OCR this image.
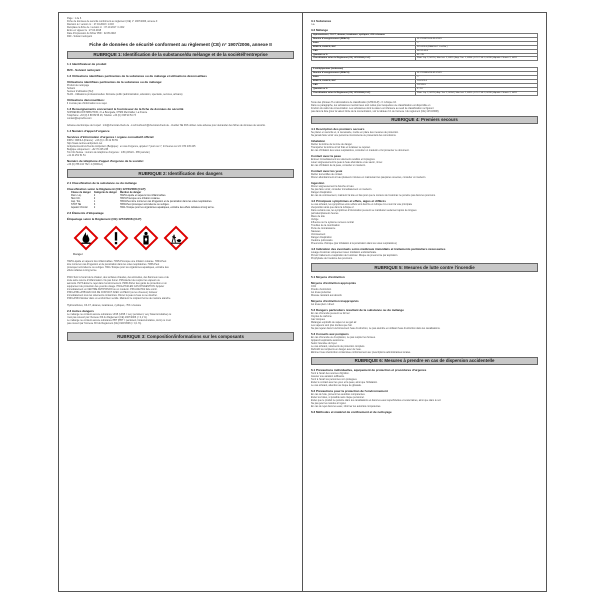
Page : 1 de 6
Fiche de données de sécurité conforment au règlement (CE) n° 1907/2006, annexe II
Révision le / version nr. : 27.04.2018 / 1.003
Remplace la fiche de / version nr. : 07.10.2017 / 1.002
Entre en vigueur le : 27.04.2018
Date d'impression du fichier PDF : 02.05.2018
R20 - Solvant nettoyant
Fiche de données de sécurité conforment au règlement (CE) n° 1907/2006, annexe II
RUBRIQUE 1: Identification de la substance/du mélange et de la société/l'entreprise
1.1 Identificateur de produit
R20 - Solvant nettoyant
1.2 Utilisations identifiées pertinentes de la substance ou du mélange et utilisations déconseillées
Utilisations identifiées pertinentes de la substance ou du mélange:
Produit de nettoyage
Solvant
Secteur d'utilisation [SU]:
SU22 - Utilisations professionnelles: Domaine public (administration, éducation, spectacle, services, artisans)
Utilisations déconseillées:
Il n'existe pas d'information à ce sujet.
1.3 Renseignements concernant le fournisseur de la fiche de données de sécurité
SOPREFIRA DISTRIBUTION, 2 La Bourgade, 67580 Mertzwiller, La France
Téléphone: +33 (0) 3 88 89 56 26, Téléfax: +33 (0) 3 88 90 54 73
contact@soprefira.com
Adresse électronique de l'expert : info@chemical-check.de - k.schnurbusch@chemical-check.de - Veuillez NE PAS utiliser cette adresse pour demander des fiches de données de sécurité.
1.4 Numéro d'appel d'urgence
Services d'information d'urgence / organe consultatif officiel:
INRS / ORFILA (France) : +33 (0) 1 45 42 59 59
http://www.centres-antipoison.net
Antipoisoncentrum/Centre Antipoison (Belgique) : en cas d'urgence, appelez 7 jours sur 7, 24 heures sur 24: 070 245 245
Belgique uniquement : +32 70 245 245
Tox Info Suisse : numéro de téléphone d'urgence : 145 (24h/24 - 365 jours/an)
+41 44 251 51 51
Numéro de téléphone d'appel d'urgence de la société:
+33 (0) 788 134 762 / 4 (ORFILA)
RUBRIQUE 2: Identification des dangers
2.1 Classification de la substance ou du mélange
Classification selon le Règlement (CE) 1272/2008 (CLP)
Classe de danger	Catégorie de danger	Mention de danger
Flam. Liq.	2	H225-Liquide et vapeurs très inflammables.
Skin Irrit.	2	H315-Provoque une irritation cutanée.
Asp. Tox.	1	H304-Peut être mortel en cas d'ingestion et de pénétration dans les voies respiratoires.
STOT SE	3	H336-Peut provoquer somnolence ou vertiges.
Aquatic Chronic	2	H411-Toxique pour les organismes aquatiques, entraîne des effets néfastes à long terme.
2.2 Éléments d'étiquetage
Étiquetage selon le Règlement (CE) 1272/2008 (CLP)
Danger
H225-Liquide et vapeurs très inflammables. H315-Provoque une irritation cutanée. H304-Peut
être mortel en cas d'ingestion et de pénétration dans les voies respiratoires. H336-Peut
provoquer somnolence ou vertiges. H411-Toxique pour les organismes aquatiques, entraîne des
effets néfastes à long terme.
P210-Tenir à l'écart de la chaleur, des surfaces chaudes, des étincelles, des flammes nues et de
toute autre source d'inflammation. Ne pas fumer. P261-Éviter de respirer les vapeurs ou
aérosols. P273-Éviter le rejet dans l'environnement. P280-Porter des gants de protection et un
équipement de protection des yeux/du visage. P301+P310-EN CAS D'INGESTION: Appeler
immédiatement un CENTRE ANTIPOISON ou un médecin. P331-NE PAS faire vomir.
P303+P361+P353-EN CAS DE CONTACT AVEC LA PEAU (ou les cheveux): Enlever
immédiatement tous les vêtements contaminés. Rincer la peau à l'eau ou se doucher.
P403+P233-Stocker dans un endroit bien ventilé. Maintenir le récipient fermé de manière étanche.
Hydrocarbures, C6-C7, alcanes, isoalcanes, cycliques, <5% n-hexane
2.3 Autres dangers
Le mélange ne contient aucune substance vPvB (vPvB = very persistent, very bioaccumulative) ou
n'est pas couvert par l'Annexe XIII du Règlement (CE) 1907/2006 (< 0,1 %).
Le mélange ne contient aucune substance PBT (PBT = persistent, bioaccumulative, toxic) ou n'est
pas couvert par l'Annexe XIII du Règlement (CE) 1907/2006 (< 0,1 %).
RUBRIQUE 3: Composition/informations sur les composants
3.1 Substance
n.a.
3.2 Mélange
Hydrocarbures, C6-C7, alcanes, isoalcanes, cycliques, <5% n-hexane	
Numéro d'enregistrement (REACH)	01-2119475514-35-XXXX
Index	---
EINECS, ELINCS, NLP	921-024-6 (REACH-IT List-No.)
CAS	64742-49-0
Quantité en %	85 - 95
Classification selon le Règlement (CE) 1272/2008 (CLP)	Flam. Liq. 2, H225 | Skin Irrit. 2, H315 | Asp. Tox. 1, H304 | STOT SE 3, H336 | Aquatic Chronic 2, H411
2-méthylpentane (isohexane)	
Numéro d'enregistrement (REACH)	01-2119480410-42-XXXX
Index	---
EINECS, ELINCS, NLP	203-523-4
CAS	107-83-5
Quantité en %	5 - 10
Classification selon le Règlement (CE) 1272/2008 (CLP)	Flam. Liq. 2, H225 | Asp. Tox. 1, H304 | Skin Irrit. 2, H315 | STOT SE 3, H336 | Aquatic Chronic 2, H411
Texte des phrases H et abréviations de classification (GHS/CLP): cf. rubrique 16.
Dans ce paragraphe, les substances mentionnées sont celles pour lesquelles une classification est disponible en
fonction du calcul de concentration. Les substances dont la valeur est inférieure au seuil de classification ne figurent
pas dans la liste (pour la valeur limite de la concentration, voir le tableau 3.1 de l'annexe I du règlement (CE) 1272/2008).
RUBRIQUE 4: Premiers secours
4.1 Description des premiers secours
Se placer en sécurité et, si nécessaire, mettre en place des mesures de protection.
Ne jamais faire vomir une personne inconsciente ou présentant des convulsions.
Inhalation
Retirer la victime de la zone de danger.
Transporter la victime à l'air frais et la laisser se reposer.
En cas d'irritation des voies respiratoires, consulter un médecin et lui présenter ce document.
Contact avec la peau
Enlever immédiatement les vêtements souillés et imprégnés.
Laver soigneusement la peau à l'eau abondante et au savon, rincer.
En cas d'irritation de la peau, consulter un médecin.
Contact avec les yeux
Retirer les lentilles de contact.
Rincer abondamment à l'eau plusieurs minutes en maintenant les paupières ouvertes, consulter un médecin.
Ingestion
Rincer soigneusement la bouche à l'eau.
Ne pas faire vomir, consulter immédiatement un médecin.
Danger d'aspiration.
En cas de vomissement, maintenir la tête en bas pour que le contenu de l'estomac ne pénètre pas dans les poumons.
4.2 Principaux symptômes et effets, aigus et différés
Le cas échéant, les symptômes et/ou effets sont décrits en rubrique 11 et sont la voie principale
d'exposition ainsi que dans la rubrique 2.
Dans certains cas, les symptômes d'intoxication peuvent se manifester seulement après de longues
périodes/plusieurs heures.
Maux de tête
Vertige
Influence sur le système nerveux central
Troubles de la coordination
Perte de connaissance
Nausées
Vomissement
Danger d'aspiration
Oedème pulmonaire
Pneumonie chimique (par inhalation à la pénétration dans les voies respiratoires)
4.3 Indication des éventuels soins médicaux immédiats et traitements particuliers nécessaires
Lavage d'estomac uniquement avec intubation endotrachéale.
Prévoir traitement et aspiration de l'estomac. Risque de pneumonie par aspiration.
Prophylaxie de l'oedème des poumons.
RUBRIQUE 5: Mesures de lutte contre l'incendie
5.1 Moyens d'extinction
Moyens d'extinction appropriés
CO2
Poudre d'extinction
Jet d'eau pulvérisé
Mousse résistant aux alcools
Moyens d'extinction inappropriés
Jet d'eau plein / direct
5.2 Dangers particuliers résultant de la substance ou du mélange
En cas d'incendie peuvent se former:
Oxydes de carbone
Gaz toxiques
Mélanges explosifs de vapeur et au gaz air.
Les vapeurs sont plus lourdes que l'air.
Ne pas rejeter dans l'environnement l'eau d'extinction, ne pas éteindre en utilisant l'eau d'extinction dans les canalisations.
5.3 Conseils aux pompiers
En cas d'incendie ou d'explosion, ne pas respirer les fumées.
Appareil respiratoire autonome.
Selon l'étendue du foyer.
Le cas échéant, vêtements de protection complets.
Refroidir les récipients en danger avec de l'eau.
Éliminer l'eau d'extinction contaminée conformément aux prescriptions administratives locales.
RUBRIQUE 6: Mesures à prendre en cas de dispersion accidentelle
6.1 Précautions individuelles, équipement de protection et procédures d'urgence
Tenir à l'écart des sources d'ignition.
Assurer une aération suffisante.
Tenir à l'écart les personnes non protégées.
Éviter le contact avec les yeux et la peau, ainsi que l'inhalation.
Le cas échéant, attention au risque de glissade.
6.2 Précautions pour la protection de l'environnement
En cas de fuite, prévenir les autorités compétentes.
Éviter les fuites, si possible sans risque personnel.
Éviter que le produit ne pénètre dans les canalisations et dans les eaux superficielles et souterraines, ainsi que dans le sol.
Ne pas jeter les résidus à l'égout.
En cas de rejet dans les eaux, informer les autorités compétentes.
6.3 Méthodes et matériel de confinement et de nettoyage
